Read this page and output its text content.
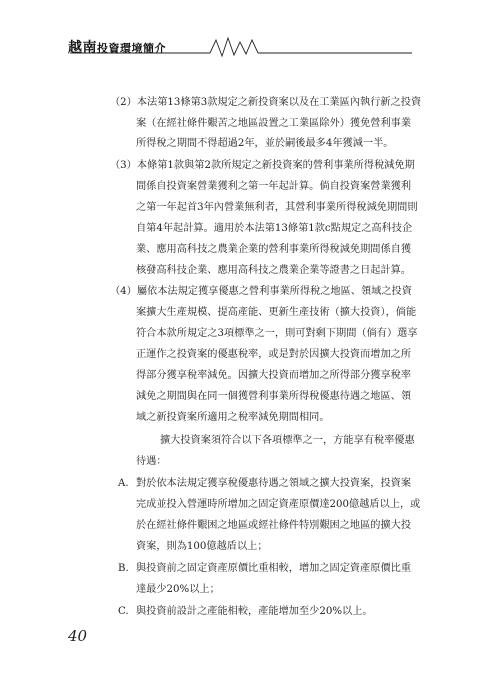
越南投資環境簡介
（2）本法第13條第3款規定之新投資案以及在工業區內執行新之投資
案（在經社條件艱苦之地區設置之工業區除外）獲免營利事業
所得稅之期間不得超過2年，並於嗣後最多4年獲減一半。
（3）本條第1款與第2款所規定之新投資案的營利事業所得稅減免期
間係自投資案營業獲利之第一年起計算。倘自投資案營業獲利
之第一年起首3年內營業無利者，其營利事業所得稅減免期間則
自第4年起計算。適用於本法第13條第1款c點規定之高科技企
業、應用高科技之農業企業的營利事業所得稅減免期間係自獲
核發高科技企業、應用高科技之農業企業等證書之日起計算。
（4）屬依本法規定獲享優惠之營利事業所得稅之地區、領域之投資
案擴大生產規模、提高產能、更新生產技術（擴大投資），倘能
符合本款所規定之3項標準之一，則可對剩下期間（倘有）選享
正運作之投資案的優惠稅率，或是對於因擴大投資而增加之所
得部分獲享稅率減免。因擴大投資而增加之所得部分獲享稅率
減免之期間與在同一個獲營利事業所得稅優惠待遇之地區、領
域之新投資案所適用之稅率減免期間相同。
擴大投資案須符合以下各項標準之一，方能享有稅率優惠
待遇：
A. 對於依本法規定獲享稅優惠待遇之領域之擴大投資案，投資案
完成並投入營運時所增加之固定資產原價達200億越盾以上，或
於在經社條件艱困之地區或經社條件特別艱困之地區的擴大投
資案，則為100億越盾以上；
B. 與投資前之固定資產原價比重相較，增加之固定資產原價比重
達最少20%以上；
C. 與投資前設計之產能相較，產能增加至少20%以上。
40
